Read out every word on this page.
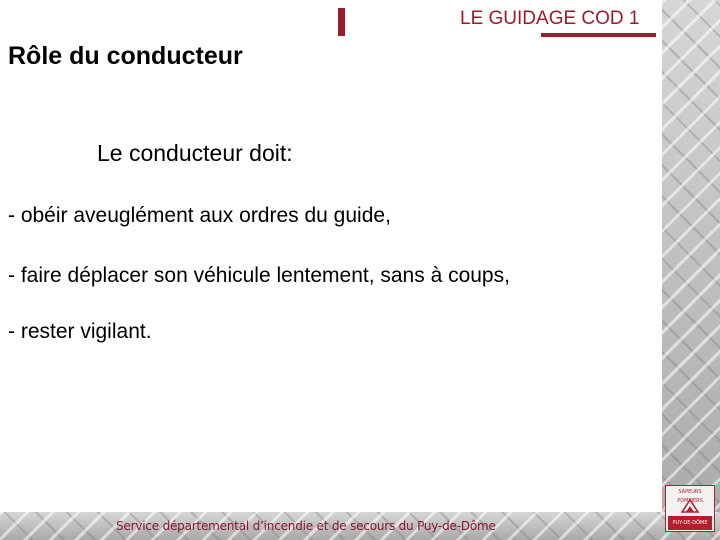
LE GUIDAGE COD 1
Rôle du conducteur
Le conducteur doit:
- obéir aveuglément aux ordres du guide,
- faire déplacer son véhicule lentement, sans à coups,
- rester vigilant.
Service départemental d’incendie et de secours du Puy-de-Dôme
SAPEURS POMPIERS
PUY-DE-DÔME
